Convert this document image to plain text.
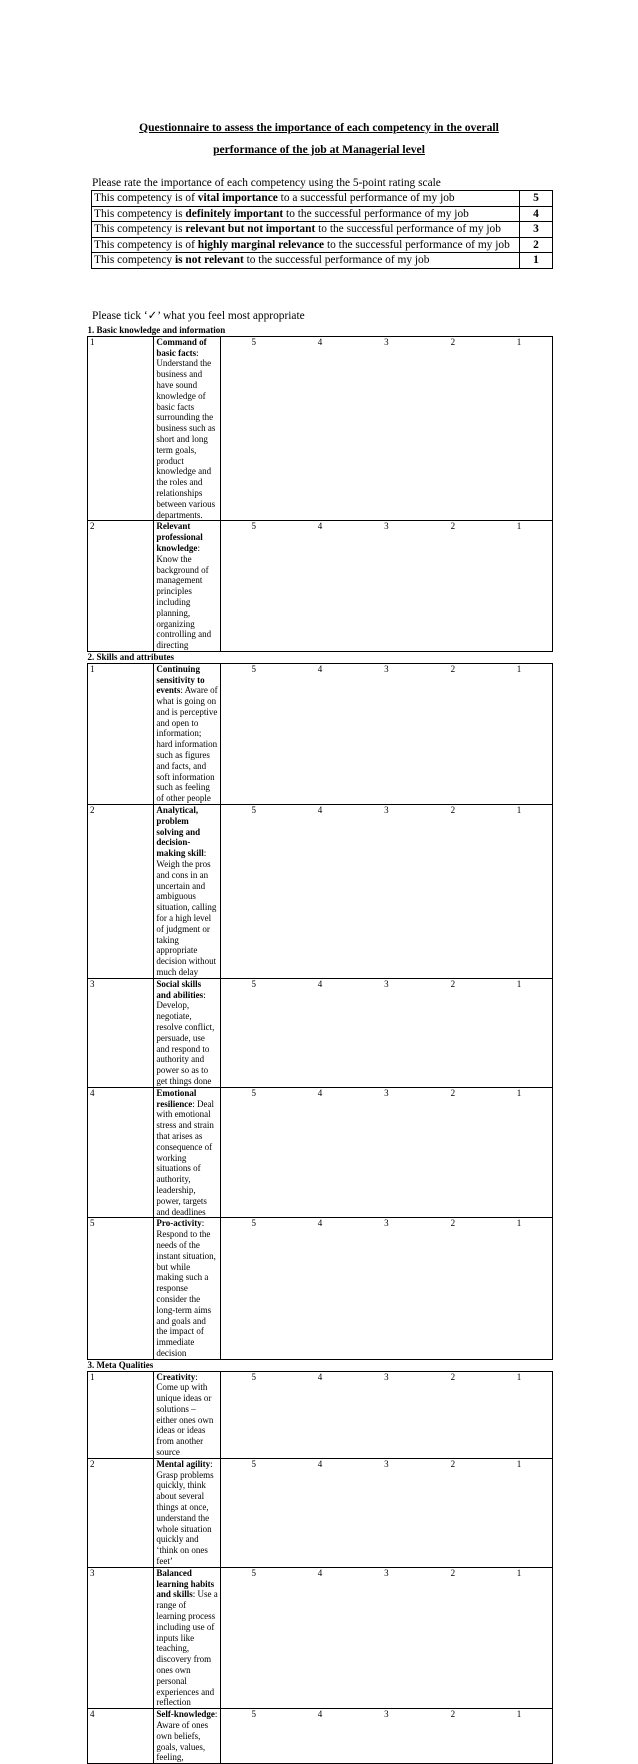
Questionnaire to assess the importance of each competency in the overall
performance of the job at Managerial level
Please rate the importance of each competency using the 5-point rating scale
This competency is of vital importance to a successful performance of my job	5
This competency is definitely important to the successful performance of my job	4
This competency is relevant but not important to the successful performance of my job	3
This competency is of highly marginal relevance to the successful performance of my job	2
This competency is not relevant to the successful performance of my job	1
Please tick ‘✓’ what you feel most appropriate
1. Basic knowledge and information						
1	Command of basic facts: Understand the business and have sound knowledge of basic facts surrounding the business such as short and long term goals, product knowledge and the roles and relationships between various departments.	5	4	3	2	1
2	Relevant professional knowledge: Know the background of management principles including planning, organizing controlling and directing	5	4	3	2	1
2. Skills and attributes						
1	Continuing sensitivity to events: Aware of what is going on and is perceptive and open to information; hard information such as figures and facts, and soft information such as feeling of other people	5	4	3	2	1
2	Analytical, problem solving and decision-making skill: Weigh the pros and cons in an uncertain and ambiguous situation, calling for a high level of judgment or taking appropriate decision without much delay	5	4	3	2	1
3	Social skills and abilities: Develop, negotiate, resolve conflict, persuade, use and respond to authority and power so as to get things done	5	4	3	2	1
4	Emotional resilience: Deal with emotional stress and strain that arises as consequence of working situations of authority, leadership, power, targets and deadlines	5	4	3	2	1
5	Pro-activity: Respond to the needs of the instant situation, but while making such a response consider the long-term aims and goals and the impact of immediate decision	5	4	3	2	1
3. Meta Qualities						
1	Creativity: Come up with unique ideas or solutions – either ones own ideas or ideas from another source	5	4	3	2	1
2	Mental agility: Grasp problems quickly, think about several things at once, understand the whole situation quickly and ‘think on ones feet’	5	4	3	2	1
3	Balanced learning habits and skills: Use a range of learning process including use of inputs like teaching, discovery from ones own personal experiences and reflection	5	4	3	2	1
4	Self-knowledge: Aware of ones own beliefs, goals, values, feeling,	5	4	3	2	1
